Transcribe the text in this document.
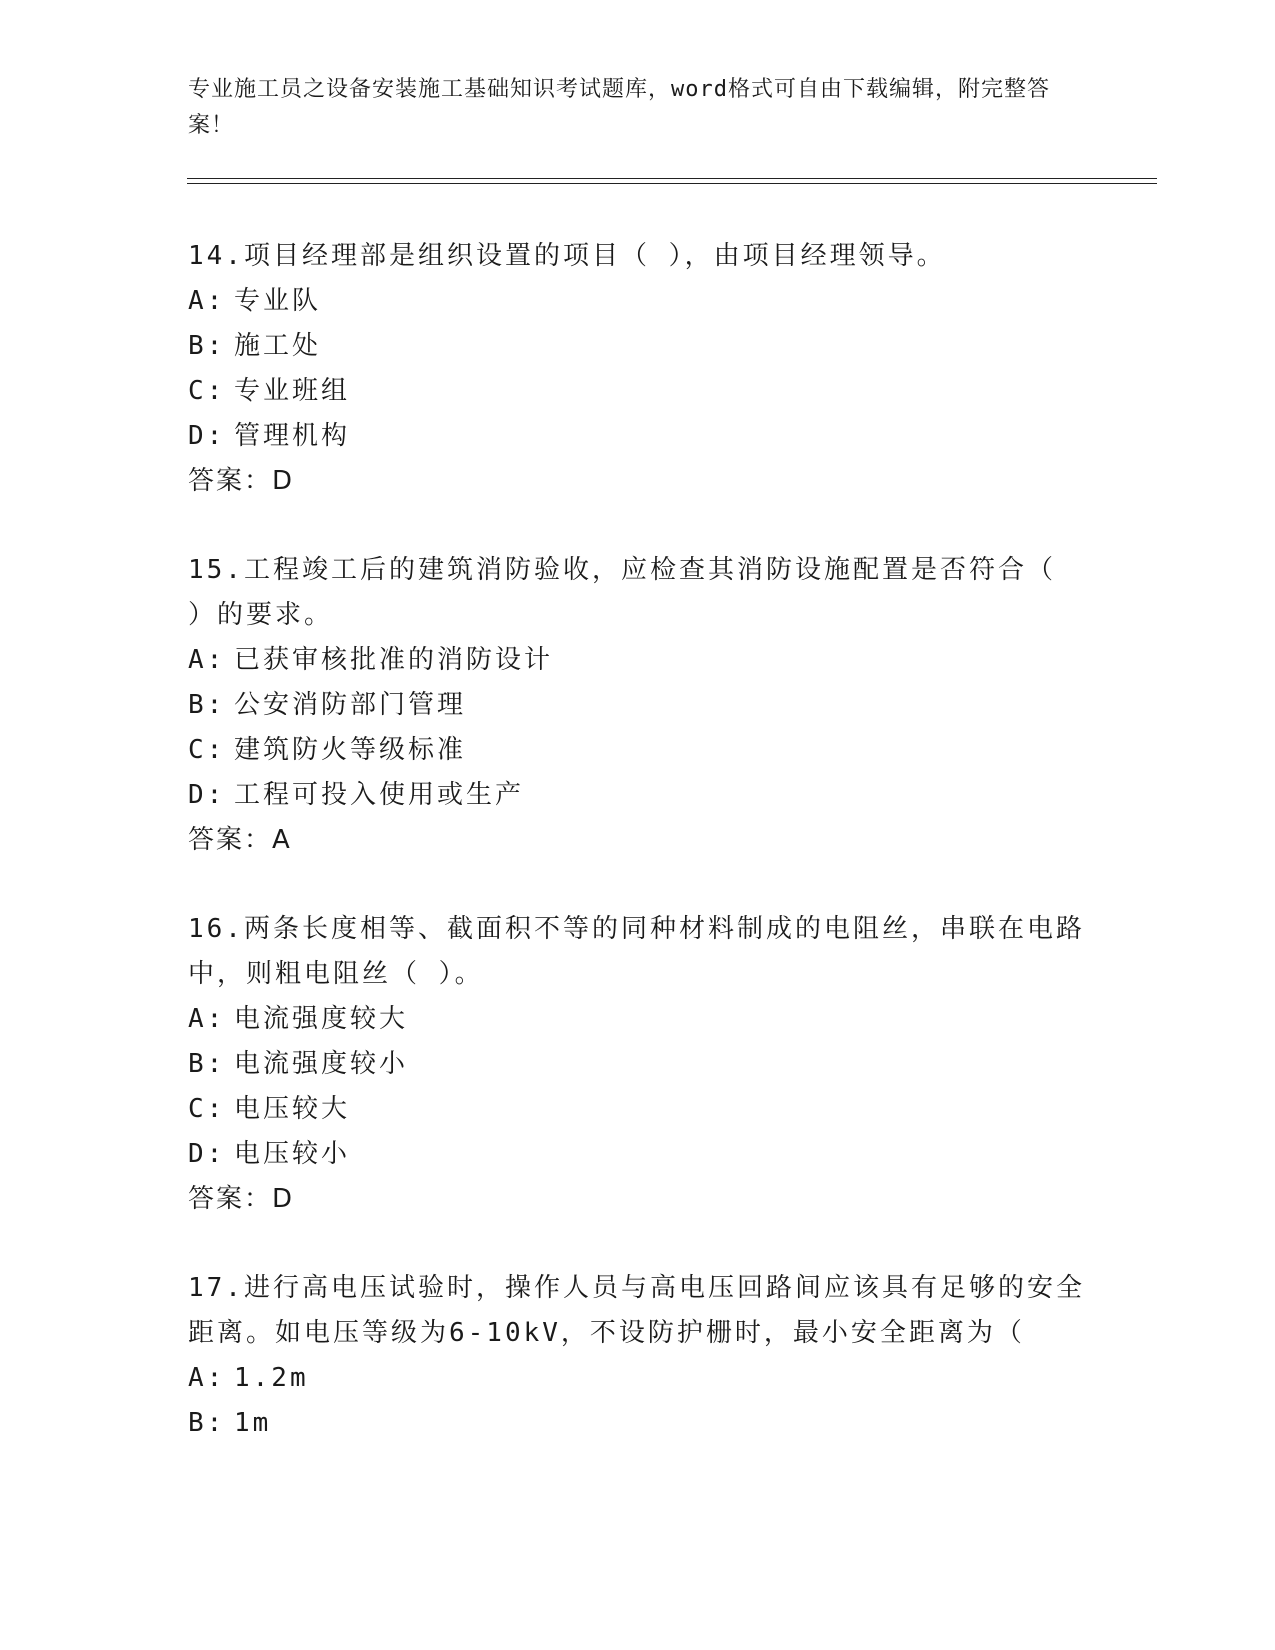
专业施工员之设备安装施工基础知识考试题库，word格式可自由下载编辑，附完整答案！
14.项目经理部是组织设置的项目（ ），由项目经理领导。
A: 专业队
B: 施工处
C: 专业班组
D: 管理机构
答案：D
15.工程竣工后的建筑消防验收，应检查其消防设施配置是否符合（ ）的要求。
A: 已获审核批准的消防设计
B: 公安消防部门管理
C: 建筑防火等级标准
D: 工程可投入使用或生产
答案：A
16.两条长度相等、截面积不等的同种材料制成的电阻丝，串联在电路中，则粗电阻丝（ ）。
A: 电流强度较大
B: 电流强度较小
C: 电压较大
D: 电压较小
答案：D
17.进行高电压试验时，操作人员与高电压回路间应该具有足够的安全距离。如电压等级为6-10kV，不设防护栅时，最小安全距离为（
A: 1.2m
B: 1m
